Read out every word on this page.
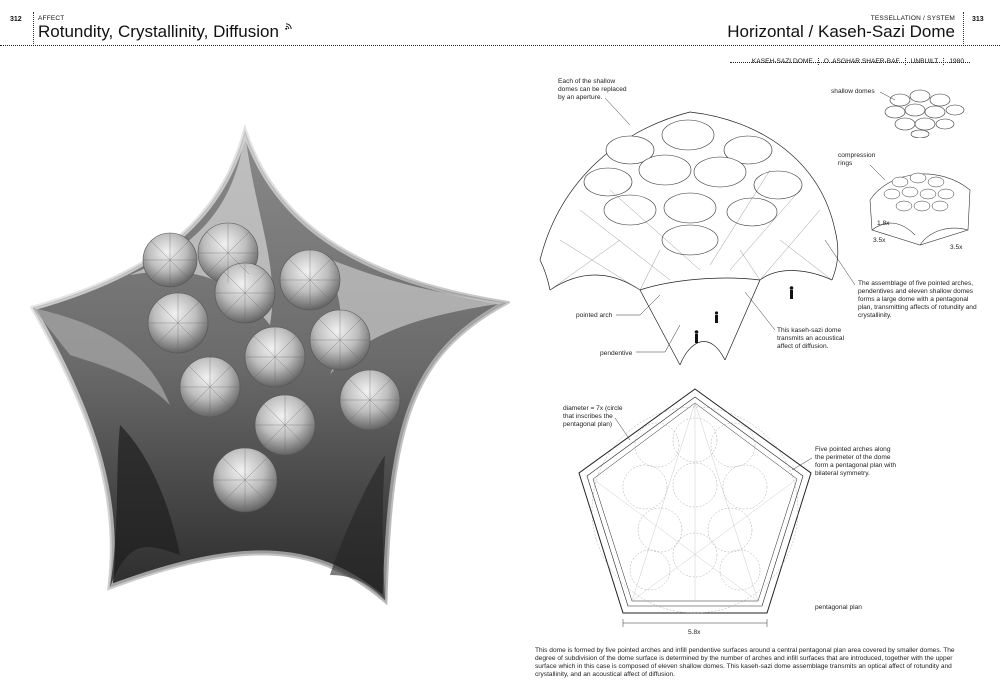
312	AFFECT
Rotundity, Crystallinity, Diffusion
TESSELLATION / SYSTEM
Horizontal / Kaseh-Sazi Dome
313
KASEH-SAZI DOME O. ASGHAR SHAER-BAF UNBUILT 1980
1.8x
3.5x
3.5x
Each of the shallow domes can be replaced by an aperture.
shallow domes
compression rings
The assemblage of five pointed arches, pendentives and eleven shallow domes forms a large dome with a pentagonal plan, transmitting affects of rotundity and crystallinity.
pointed arch
This kaseh-sazi dome transmits an acoustical affect of diffusion.
pendentive
5.8x
diameter = 7x (circle that inscribes the pentagonal plan)
Five pointed arches along the perimeter of the dome form a pentagonal plan with bilateral symmetry.
pentagonal plan
This dome is formed by five pointed arches and infill pendentive surfaces around a central pentagonal plan area covered by smaller domes. The degree of subdivision of the dome surface is determined by the number of arches and infill surfaces that are introduced, together with the upper surface which in this case is composed of eleven shallow domes. This kaseh-sazi dome assemblage transmits an optical affect of rotundity and crystallinity, and an acoustical affect of diffusion.
